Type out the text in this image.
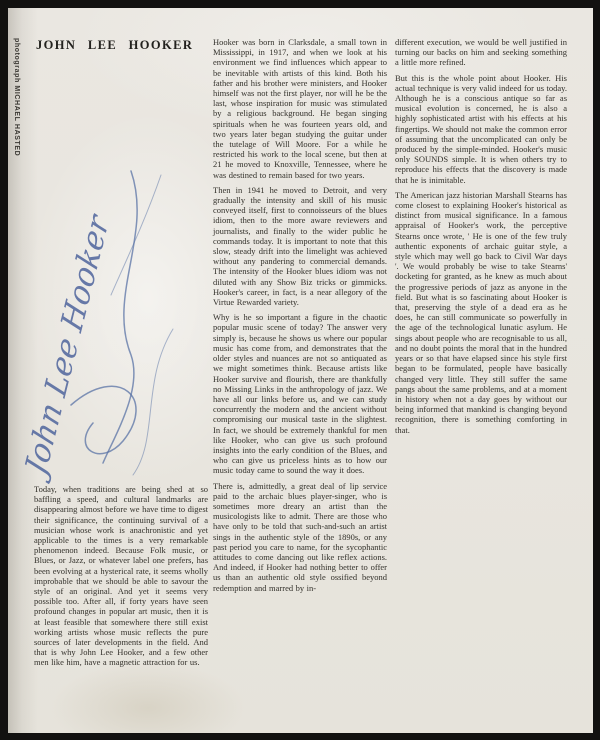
photograph MICHAEL HASTED JOHN LEE HOOKER
John Lee Hooker

Today, when traditions are being shed at so baffling a speed, and cultural landmarks are disappearing almost before we have time to digest their significance, the continuing survival of a musician whose work is anachronistic and yet applicable to the times is a very remarkable phenomenon indeed. Because Folk music, or Blues, or Jazz, or whatever label one prefers, has been evolving at a hysterical rate, it seems wholly improbable that we should be able to savour the style of an original. And yet it seems very possible too. After all, if forty years have seen profound changes in popular art music, then it is at least feasible that somewhere there still exist working artists whose music reflects the pure sources of later developments in the field. And that is why John Lee Hooker, and a few other men like him, have a magnetic attraction for us.

Hooker was born in Clarksdale, a small town in Mississippi, in 1917, and when we look at his environment we find influences which appear to be inevitable with artists of this kind. Both his father and his brother were ministers, and Hooker himself was not the first player, nor will he be the last, whose inspiration for music was stimulated by a religious background. He began singing spirituals when he was fourteen years old, and two years later began studying the guitar under the tutelage of Will Moore. For a while he restricted his work to the local scene, but then at 21 he moved to Knoxville, Tennessee, where he was destined to remain based for two years.

Then in 1941 he moved to Detroit, and very gradually the intensity and skill of his music conveyed itself, first to connoisseurs of the blues idiom, then to the more aware reviewers and journalists, and finally to the wider public he commands today. It is important to note that this slow, steady drift into the limelight was achieved without any pandering to commercial demands. The intensity of the Hooker blues idiom was not diluted with any Show Biz tricks or gimmicks. Hooker's career, in fact, is a near allegory of the Virtue Rewarded variety.

Why is he so important a figure in the chaotic popular music scene of today? The answer very simply is, because he shows us where our popular music has come from, and demonstrates that the older styles and nuances are not so antiquated as we might sometimes think. Because artists like Hooker survive and flourish, there are thankfully no Missing Links in the anthropology of jazz. We have all our links before us, and we can study concurrently the modern and the ancient without compromising our musical taste in the slightest. In fact, we should be extremely thankful for men like Hooker, who can give us such profound insights into the early condition of the Blues, and who can give us priceless hints as to how our music today came to sound the way it does.

There is, admittedly, a great deal of lip service paid to the archaic blues player-singer, who is sometimes more dreary an artist than the musicologists like to admit. There are those who have only to be told that such-and-such an artist sings in the authentic style of the 1890s, or any past period you care to name, for the sycophantic attitudes to come dancing out like reflex actions. And indeed, if Hooker had nothing better to offer us than an authentic old style ossified beyond redemption and marred by in-

different execution, we would be well justified in turning our backs on him and seeking something a little more refined.

But this is the whole point about Hooker. His actual technique is very valid indeed for us today. Although he is a conscious antique so far as musical evolution is concerned, he is also a highly sophisticated artist with his effects at his fingertips. We should not make the common error of assuming that the uncomplicated can only be produced by the simple-minded. Hooker's music only SOUNDS simple. It is when others try to reproduce his effects that the discovery is made that he is inimitable.

The American jazz historian Marshall Stearns has come closest to explaining Hooker's historical as distinct from musical significance. In a famous appraisal of Hooker's work, the perceptive Stearns once wrote, ' He is one of the few truly authentic exponents of archaic guitar style, a style which may well go back to Civil War days '. We would probably be wise to take Stearns' docketing for granted, as he knew as much about the progressive periods of jazz as anyone in the field. But what is so fascinating about Hooker is that, preserving the style of a dead era as he does, he can still communicate so powerfully in the age of the technological lunatic asylum. He sings about people who are recognisable to us all, and no doubt points the moral that in the hundred years or so that have elapsed since his style first began to be formulated, people have basically changed very little. They still suffer the same pangs about the same problems, and at a moment in history when not a day goes by without our being informed that mankind is changing beyond recognition, there is something comforting in that.
